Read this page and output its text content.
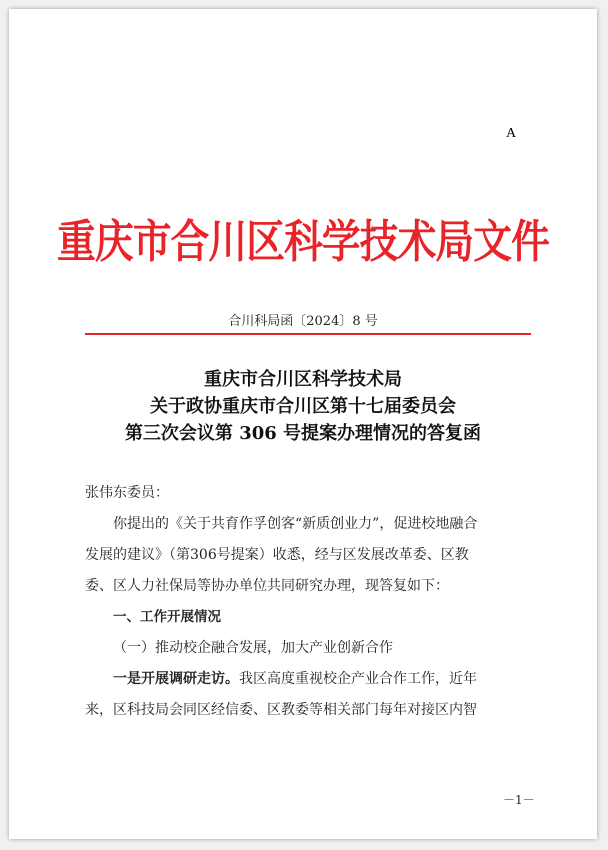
A
重庆市合川区科学技术局文件
合川科局函〔2024〕8 号
重庆市合川区科学技术局
关于政协重庆市合川区第十七届委员会
第三次会议第 306 号提案办理情况的答复函

张伟东委员：

你提出的《关于共育作孚创客“新质创业力”，促进校地融合

发展的建议》（第306号提案）收悉，经与区发展改革委、区教

委、区人力社保局等协办单位共同研究办理，现答复如下：

一、工作开展情况

（一）推动校企融合发展，加大产业创新合作

一是开展调研走访。我区高度重视校企产业合作工作，近年

来，区科技局会同区经信委、区教委等相关部门每年对接区内智

－1－
